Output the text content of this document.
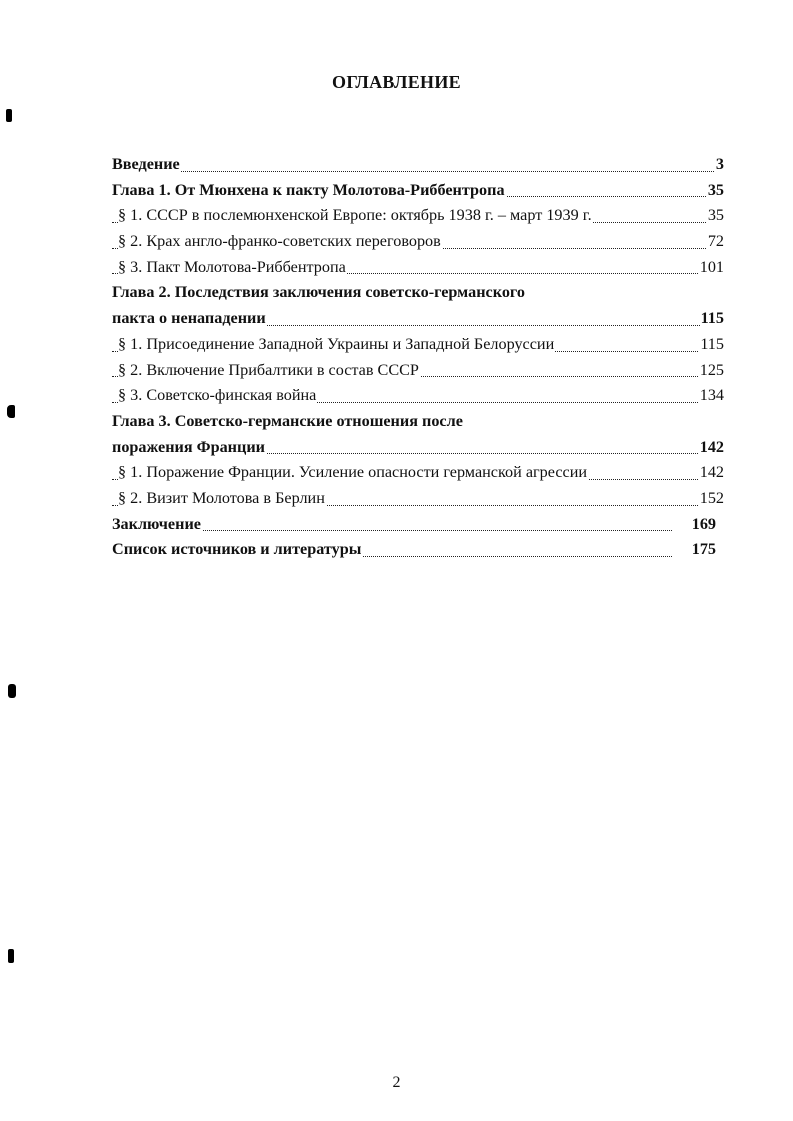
ОГЛАВЛЕНИЕ
Введение	3
Глава 1. От Мюнхена к пакту Молотова-Риббентропа	35
§ 1. СССР в послемюнхенской Европе: октябрь 1938 г. – март 1939 г.	35
§ 2. Крах англо-франко-советских переговоров	72
§ 3. Пакт Молотова-Риббентропа	101
Глава 2. Последствия заключения советско-германского
пакта о ненападении	115
§ 1. Присоединение Западной Украины и Западной Белоруссии	115
§ 2. Включение Прибалтики в состав СССР	125
§ 3. Советско-финская война	134
Глава 3. Советско-германские отношения после
поражения Франции	142
§ 1. Поражение Франции. Усиление опасности германской агрессии	142
§ 2. Визит Молотова в Берлин	152
Заключение	169
Список источников и литературы	175
2
